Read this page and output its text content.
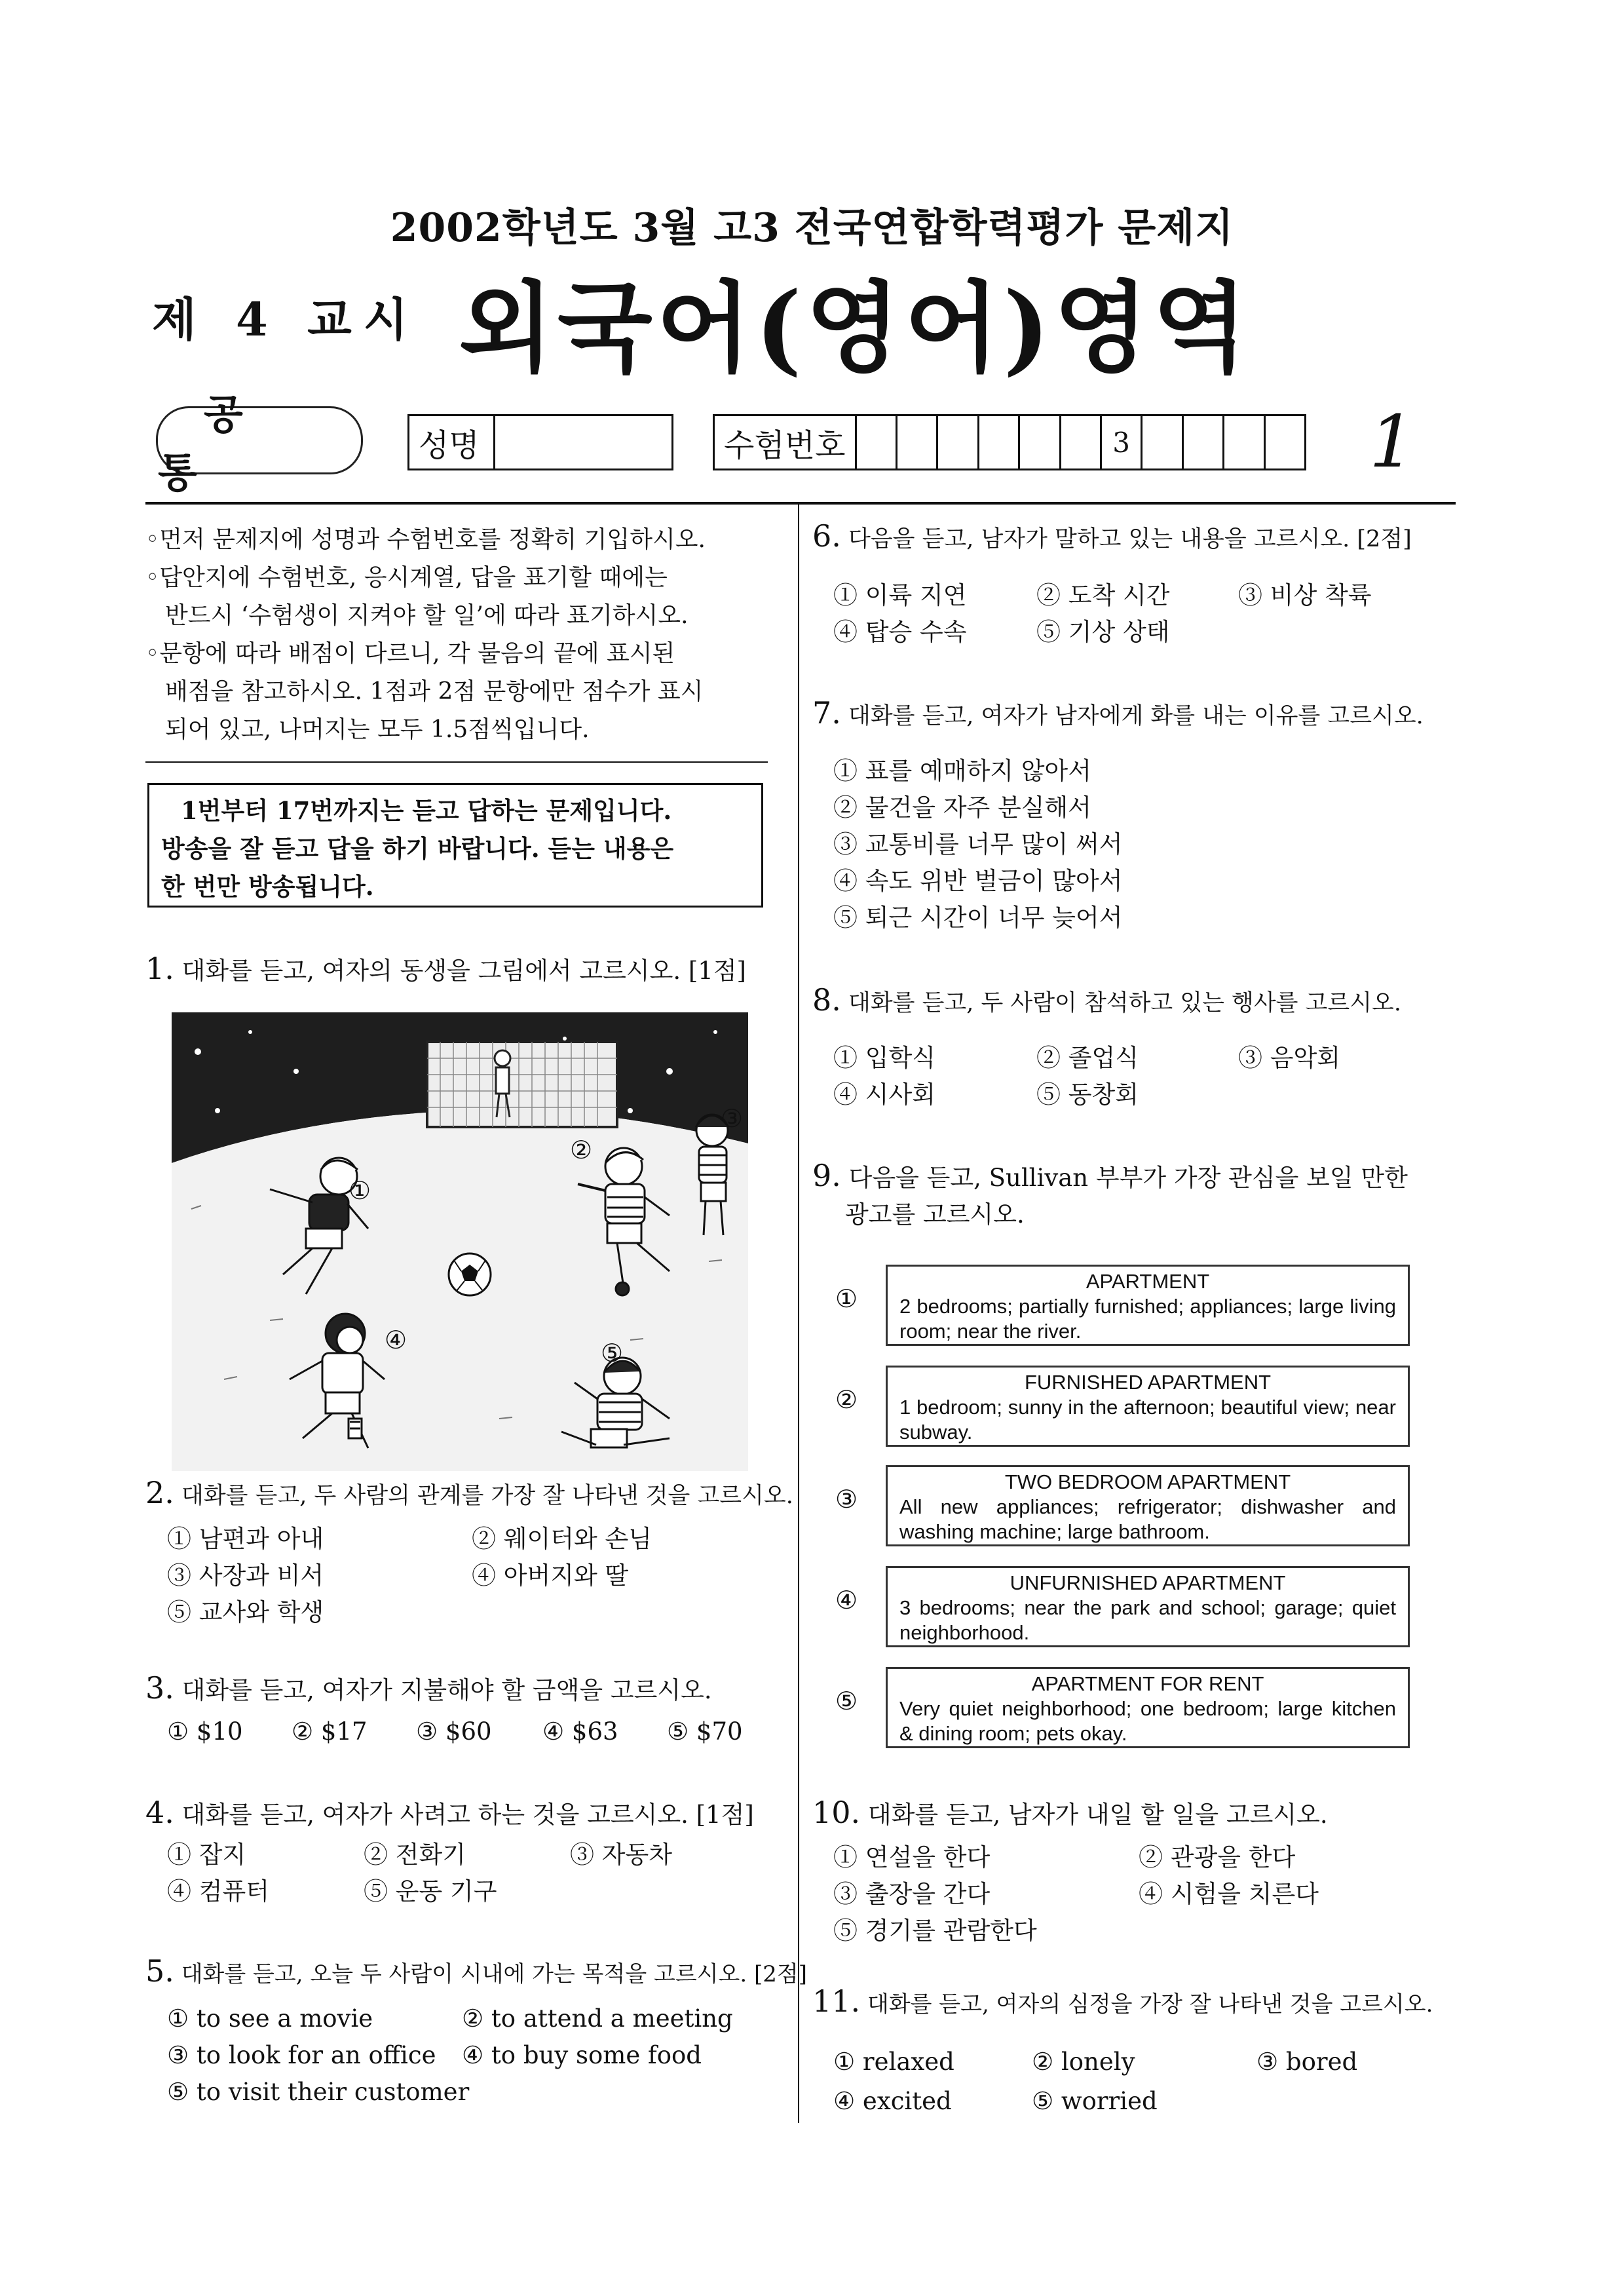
2002학년도 3월 고3 전국연합학력평가 문제지
제 4 교시 외국어(영어)영역
공 통
성명	수험번호	3	1
◦먼저 문제지에 성명과 수험번호를 정확히 기입하시오.
◦답안지에 수험번호, 응시계열, 답을 표기할 때에는
반드시 ‘수험생이 지켜야 할 일’에 따라 표기하시오.
◦문항에 따라 배점이 다르니, 각 물음의 끝에 표시된
배점을 참고하시오. 1점과 2점 문항에만 점수가 표시
되어 있고, 나머지는 모두 1.5점씩입니다.
1번부터 17번까지는 듣고 답하는 문제입니다.
방송을 잘 듣고 답을 하기 바랍니다. 듣는 내용은
한 번만 방송됩니다.
1. 대화를 듣고, 여자의 동생을 그림에서 고르시오. [1점]
①
②
③
④	⑤
2. 대화를 듣고, 두 사람의 관계를 가장 잘 나타낸 것을 고르시오.
① 남편과 아내	② 웨이터와 손님
③ 사장과 비서	④ 아버지와 딸
⑤ 교사와 학생
3. 대화를 듣고, 여자가 지불해야 할 금액을 고르시오.
① $10 ② $17 ③ $60 ④ $63 ⑤ $70
4. 대화를 듣고, 여자가 사려고 하는 것을 고르시오. [1점]
① 잡지	② 전화기	③ 자동차
④ 컴퓨터	⑤ 운동 기구
5. 대화를 듣고, 오늘 두 사람이 시내에 가는 목적을 고르시오. [2점]
① to see a movie	② to attend a meeting
③ to look for an office ④ to buy some food
⑤ to visit their customer
6. 다음을 듣고, 남자가 말하고 있는 내용을 고르시오. [2점]
① 이륙 지연	② 도착 시간	③ 비상 착륙
④ 탑승 수속	⑤ 기상 상태
7. 대화를 듣고, 여자가 남자에게 화를 내는 이유를 고르시오.
① 표를 예매하지 않아서
② 물건을 자주 분실해서
③ 교통비를 너무 많이 써서
④ 속도 위반 벌금이 많아서
⑤ 퇴근 시간이 너무 늦어서
8. 대화를 듣고, 두 사람이 참석하고 있는 행사를 고르시오.
① 입학식	② 졸업식	③ 음악회
④ 시사회	⑤ 동창회
9. 다음을 듣고, Sullivan 부부가 가장 관심을 보일 만한
광고를 고르시오.
①
APARTMENT
2 bedrooms; partially furnished; appliances; large living room; near the river.
②
FURNISHED APARTMENT
1 bedroom; sunny in the afternoon; beautiful view; near subway.
③
TWO BEDROOM APARTMENT
All new appliances; refrigerator; dishwasher and washing machine; large bathroom.
④
UNFURNISHED APARTMENT
3 bedrooms; near the park and school; garage; quiet neighborhood.
⑤
APARTMENT FOR RENT
Very quiet neighborhood; one bedroom; large kitchen & dining room; pets okay.
10. 대화를 듣고, 남자가 내일 할 일을 고르시오.
① 연설을 한다	② 관광을 한다
③ 출장을 간다	④ 시험을 치른다
⑤ 경기를 관람한다
11. 대화를 듣고, 여자의 심정을 가장 잘 나타낸 것을 고르시오.
① relaxed	② lonely	③ bored
④ excited	⑤ worried
